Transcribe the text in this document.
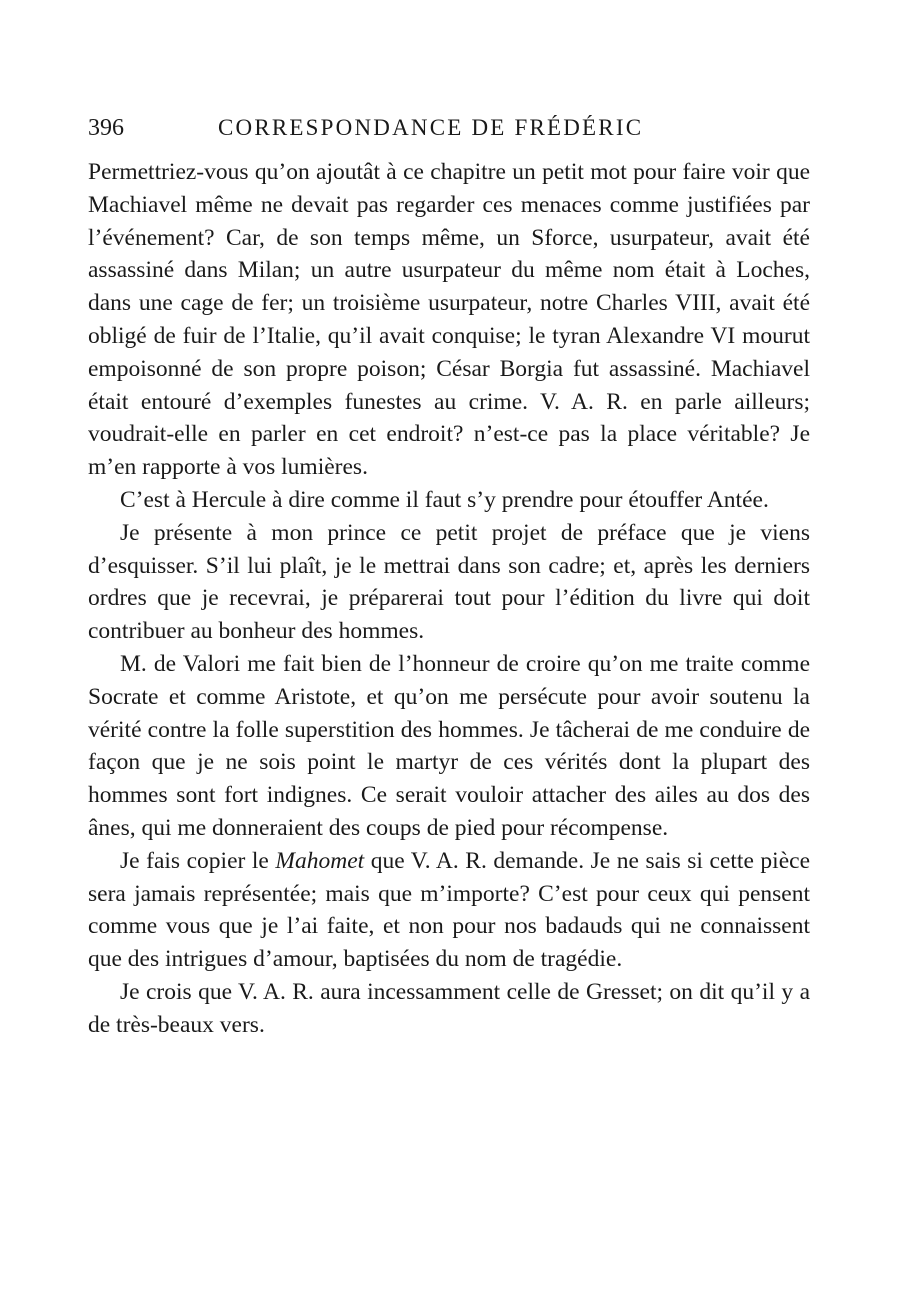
396	CORRESPONDANCE DE FRÉDÉRIC

Permettriez-vous qu’on ajoutât à ce chapitre un petit mot pour faire voir que Machiavel même ne devait pas regarder ces menaces comme justifiées par l’événement? Car, de son temps même, un Sforce, usurpateur, avait été assassiné dans Milan; un autre usurpateur du même nom était à Loches, dans une cage de fer; un troisième usurpateur, notre Charles VIII, avait été obligé de fuir de l’Italie, qu’il avait conquise; le tyran Alexandre VI mourut empoisonné de son propre poison; César Borgia fut assassiné. Machiavel était entouré d’exemples funestes au crime. V. A. R. en parle ailleurs; voudrait-elle en parler en cet endroit? n’est-ce pas la place véritable? Je m’en rapporte à vos lumières.

C’est à Hercule à dire comme il faut s’y prendre pour étouffer Antée.

Je présente à mon prince ce petit projet de préface que je viens d’esquisser. S’il lui plaît, je le mettrai dans son cadre; et, après les derniers ordres que je recevrai, je préparerai tout pour l’édition du livre qui doit contribuer au bonheur des hommes.

M. de Valori me fait bien de l’honneur de croire qu’on me traite comme Socrate et comme Aristote, et qu’on me persécute pour avoir soutenu la vérité contre la folle superstition des hommes. Je tâcherai de me conduire de façon que je ne sois point le martyr de ces vérités dont la plupart des hommes sont fort indignes. Ce serait vouloir attacher des ailes au dos des ânes, qui me donneraient des coups de pied pour récompense.

Je fais copier le Mahomet que V. A. R. demande. Je ne sais si cette pièce sera jamais représentée; mais que m’importe? C’est pour ceux qui pensent comme vous que je l’ai faite, et non pour nos badauds qui ne connaissent que des intrigues d’amour, baptisées du nom de tragédie.

Je crois que V. A. R. aura incessamment celle de Gresset; on dit qu’il y a de très-beaux vers.
